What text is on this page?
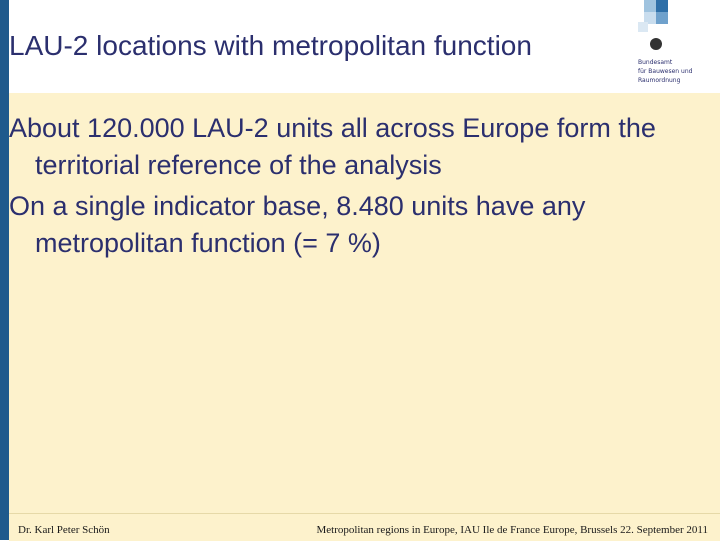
LAU-2 locations with metropolitan function
Bundesamt
für Bauwesen und
Raumordnung
About 120.000 LAU-2 units all across Europe form the territorial reference of the analysis
On a single indicator base, 8.480 units have any metropolitan function (= 7 %)
Dr. Karl Peter Schön	Metropolitan regions in Europe, IAU Ile de France Europe, Brussels 22. September 2011
